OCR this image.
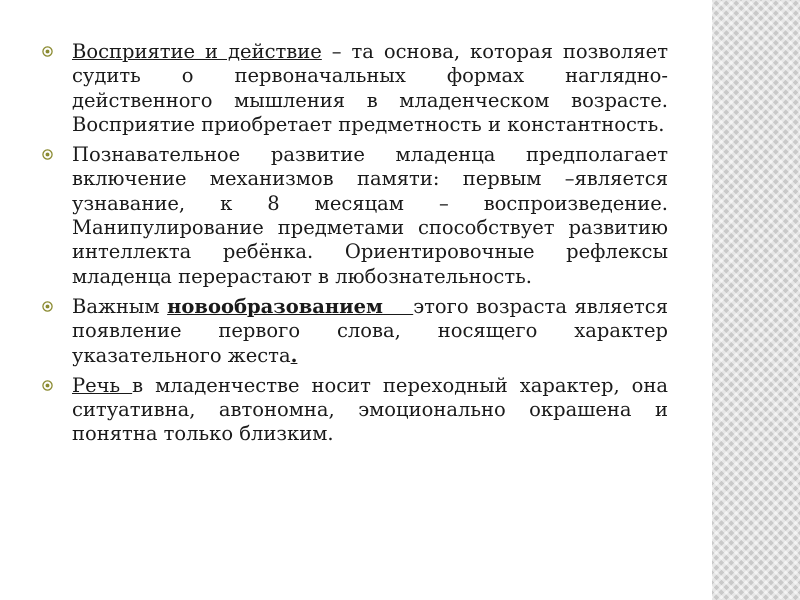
Восприятие и действие – та основа, которая позволяет судить о первоначальных формах наглядно-действенного мышления в младенческом возрасте. Восприятие приобретает предметность и константность.
Познавательное развитие младенца предполагает включение механизмов памяти: первым –является узнавание, к 8 месяцам – воспроизведение. Манипулирование предметами способствует развитию интеллекта ребёнка. Ориентировочные рефлексы младенца перерастают в любознательность.
Важным новообразованием этого возраста является появление первого слова, носящего характер указательного жеста.
Речь в младенчестве носит переходный характер, она ситуативна, автономна, эмоционально окрашена и понятна только близким.
